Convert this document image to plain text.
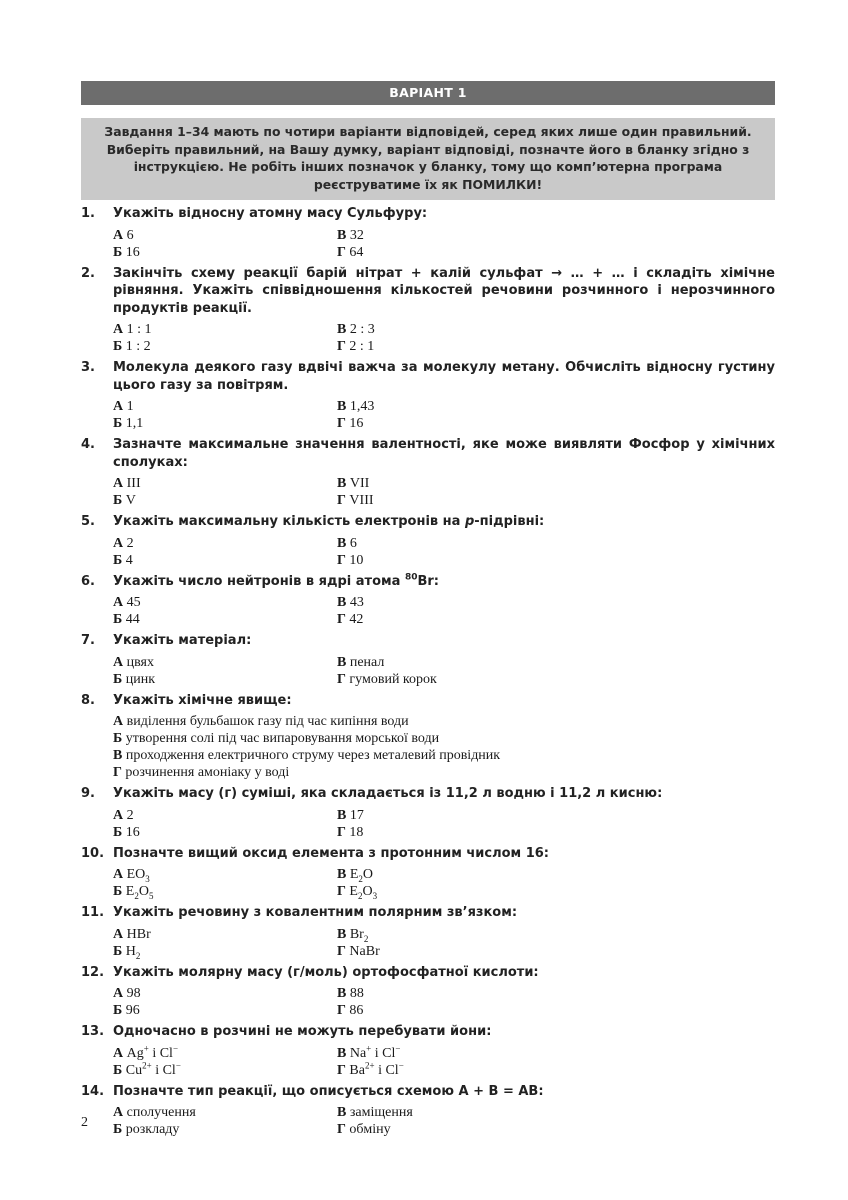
ВАРІАНТ 1
Завдання 1–34 мають по чотири варіанти відповідей, серед яких лише один правильний. Виберіть правильний, на Вашу думку, варіант відповіді, позначте його в бланку згідно з інструкцією. Не робіть інших позначок у бланку, тому що комп’ютерна програма реєструватиме їх як ПОМИЛКИ!
1.	Укажіть відносну атомну масу Сульфуру:
А 6	В 32
Б 16	Г 64
2.	Закінчіть схему реакції барій нітрат + калій сульфат → … + … і складіть хімічне рівняння. Укажіть співвідношення кількостей речовини розчинного і нерозчинного продуктів реакції.
А 1 : 1	В 2 : 3
Б 1 : 2	Г 2 : 1
3.	Молекула деякого газу вдвічі важча за молекулу метану. Обчисліть відносну густину цього газу за повітрям.
А 1	В 1,43
Б 1,1	Г 16
4.	Зазначте максимальне значення валентності, яке може виявляти Фосфор у хімічних сполуках:
А III	В VII
Б V	Г VIII
5.	Укажіть максимальну кількість електронів на p-підрівні:
А 2	В 6
Б 4	Г 10
6.	Укажіть число нейтронів в ядрі атома $^{80}$Br:
А 45	В 43
Б 44	Г 42
7.	Укажіть матеріал:
А цвях	В пенал
Б цинк	Г гумовий корок
8.	Укажіть хімічне явище:
А виділення бульбашок газу під час кипіння води
Б утворення солі під час випаровування морської води
В проходження електричного струму через металевий провідник
Г розчинення амоніаку у воді
9.	Укажіть масу (г) суміші, яка складається із 11,2 л водню і 11,2 л кисню:
А 2	В 17
Б 16	Г 18
10. Позначте вищий оксид елемента з протонним числом 16:
А $EO_3$	В $E_2O$
Б $E_2O_5$	Г $E_2O_3$
11. Укажіть речовину з ковалентним полярним зв’язком:
А HBr	В $Br_2$
Б $H_2$	Г NaBr
12. Укажіть молярну масу (г/моль) ортофосфатної кислоти:
А 98	В 88
Б 96	Г 86
13. Одночасно в розчині не можуть перебувати йони:
А Ag+ і Cl−	В Na+ і Cl−
Б $Cu^{2+}$ і Cl−	Г $Ba^{2+}$ і Cl−
14. Позначте тип реакції, що описується схемою A + B = AB:
А сполучення	В заміщення
Б розкладу	Г обміну
2
